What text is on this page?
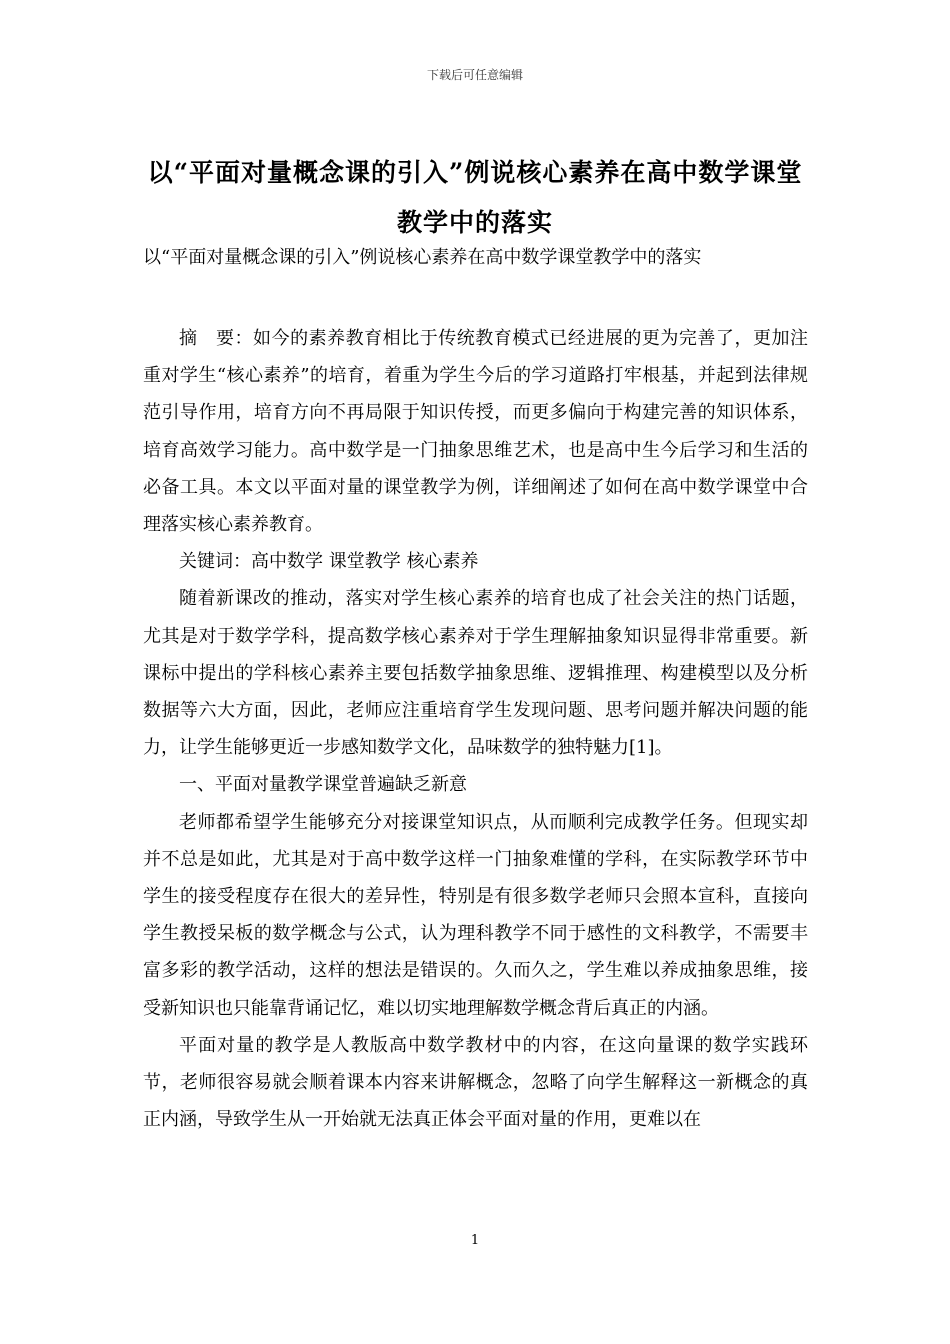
下载后可任意编辑
以“平面对量概念课的引入”例说核心素养在高中数学课堂教学中的落实
以“平面对量概念课的引入”例说核心素养在高中数学课堂教学中的落实

摘　要：如今的素养教育相比于传统教育模式已经进展的更为完善了，更加注重对学生“核心素养”的培育，着重为学生今后的学习道路打牢根基，并起到法律规范引导作用，培育方向不再局限于知识传授，而更多偏向于构建完善的知识体系，培育高效学习能力。高中数学是一门抽象思维艺术，也是高中生今后学习和生活的必备工具。本文以平面对量的课堂教学为例，详细阐述了如何在高中数学课堂中合理落实核心素养教育。

关键词：高中数学 课堂教学 核心素养

随着新课改的推动，落实对学生核心素养的培育也成了社会关注的热门话题，尤其是对于数学学科，提高数学核心素养对于学生理解抽象知识显得非常重要。新课标中提出的学科核心素养主要包括数学抽象思维、逻辑推理、构建模型以及分析数据等六大方面，因此，老师应注重培育学生发现问题、思考问题并解决问题的能力，让学生能够更近一步感知数学文化，品味数学的独特魅力[1]。

一、平面对量教学课堂普遍缺乏新意

老师都希望学生能够充分对接课堂知识点，从而顺利完成教学任务。但现实却并不总是如此，尤其是对于高中数学这样一门抽象难懂的学科，在实际教学环节中学生的接受程度存在很大的差异性，特别是有很多数学老师只会照本宣科，直接向学生教授呆板的数学概念与公式，认为理科教学不同于感性的文科教学，不需要丰富多彩的教学活动，这样的想法是错误的。久而久之，学生难以养成抽象思维，接受新知识也只能靠背诵记忆，难以切实地理解数学概念背后真正的内涵。

平面对量的教学是人教版高中数学教材中的内容，在这向量课的数学实践环节，老师很容易就会顺着课本内容来讲解概念，忽略了向学生解释这一新概念的真正内涵，导致学生从一开始就无法真正体会平面对量的作用，更难以在

1
